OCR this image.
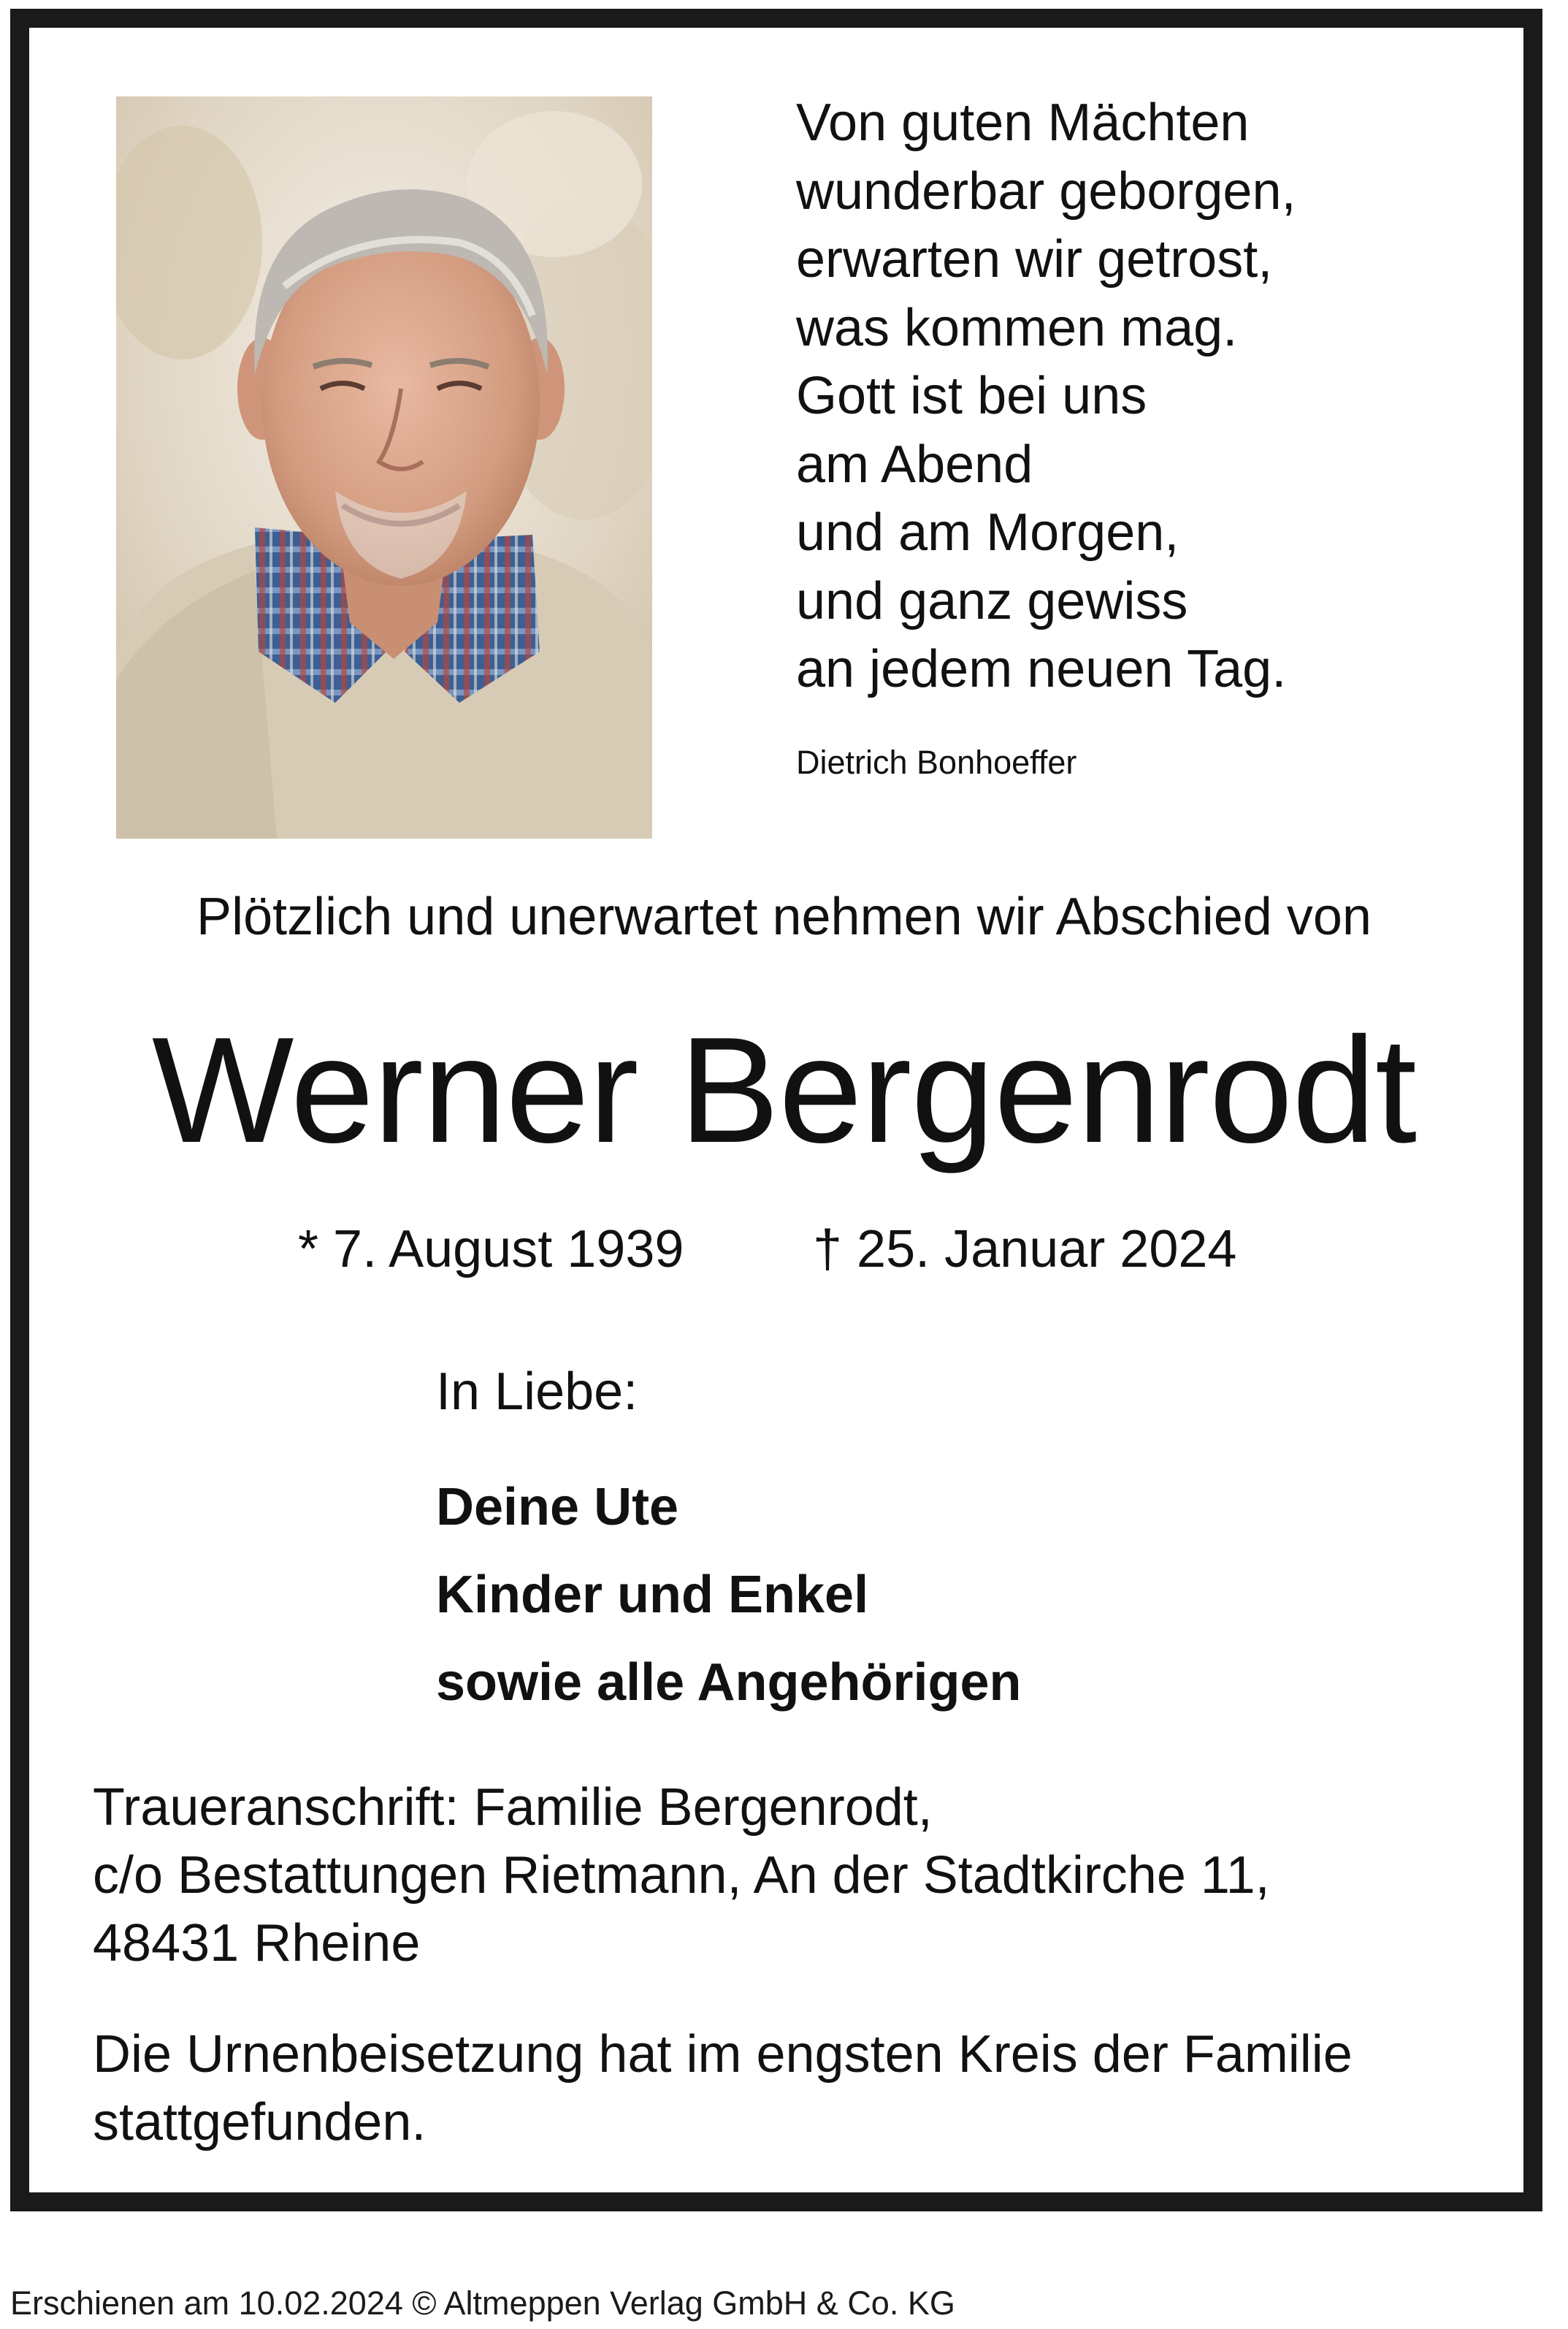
Von guten Mächten
wunderbar geborgen,
erwarten wir getrost,
was kommen mag.
Gott ist bei uns
am Abend
und am Morgen,
und ganz gewiss
an jedem neuen Tag.
Dietrich Bonhoeffer
Plötzlich und unerwartet nehmen wir Abschied von
Werner Bergenrodt
* 7. August 1939 † 25. Januar 2024
In Liebe:
Deine Ute
Kinder und Enkel
sowie alle Angehörigen
Traueranschrift: Familie Bergenrodt,
c/o Bestattungen Rietmann, An der Stadtkirche 11,
48431 Rheine
Die Urnenbeisetzung hat im engsten Kreis der Familie
stattgefunden.
Erschienen am 10.02.2024 © Altmeppen Verlag GmbH & Co. KG
